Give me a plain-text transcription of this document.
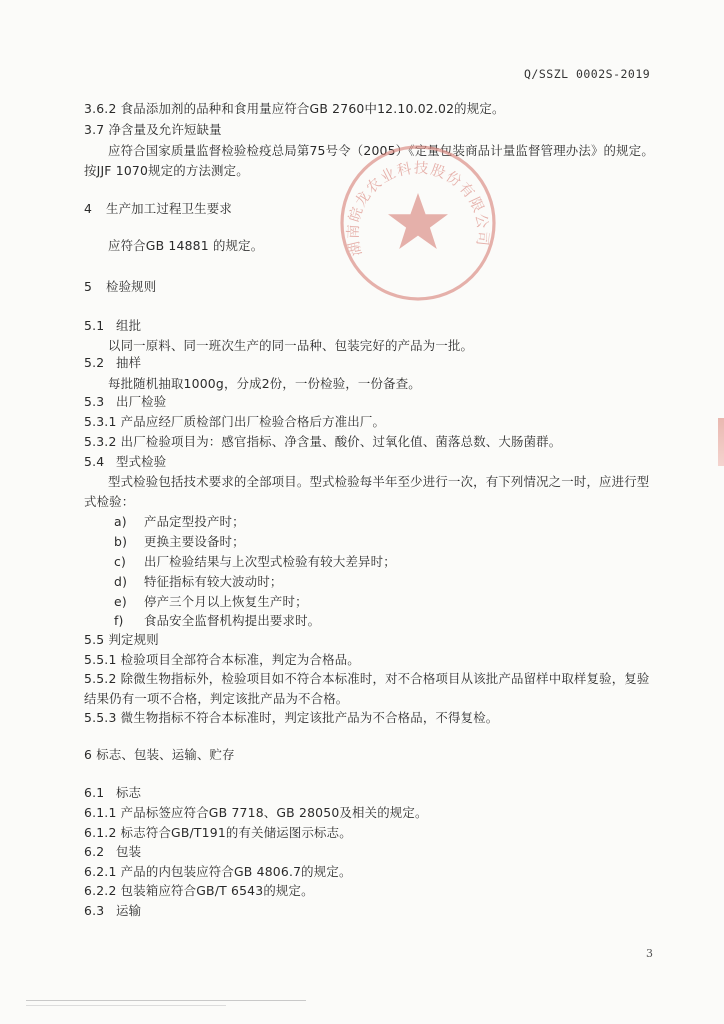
Q/SSZL 0002S-2019
3.6.2 食品添加剂的品种和食用量应符合GB 2760中12.10.02.02的规定。
3.7 净含量及允许短缺量
应符合国家质量监督检验检疫总局第75号令（2005）《定量包装商品计量监督管理办法》的规定。
按JJF 1070规定的方法测定。
4 生产加工过程卫生要求
应符合GB 14881 的规定。
5 检验规则
5.1 组批
以同一原料、同一班次生产的同一品种、包装完好的产品为一批。
5.2 抽样
每批随机抽取1000g，分成2份，一份检验，一份备查。
5.3 出厂检验
5.3.1 产品应经厂质检部门出厂检验合格后方准出厂。
5.3.2 出厂检验项目为：感官指标、净含量、酸价、过氧化值、菌落总数、大肠菌群。
5.4 型式检验
型式检验包括技术要求的全部项目。型式检验每半年至少进行一次，有下列情况之一时，应进行型
式检验：
a) 产品定型投产时；
b) 更换主要设备时；
c) 出厂检验结果与上次型式检验有较大差异时；
d) 特征指标有较大波动时；
e) 停产三个月以上恢复生产时；
f) 食品安全监督机构提出要求时。
5.5 判定规则
5.5.1 检验项目全部符合本标准，判定为合格品。
5.5.2 除微生物指标外，检验项目如不符合本标准时，对不合格项目从该批产品留样中取样复验，复验
结果仍有一项不合格，判定该批产品为不合格。
5.5.3 微生物指标不符合本标准时，判定该批产品为不合格品，不得复检。
6 标志、包装、运输、贮存
6.1 标志
6.1.1 产品标签应符合GB 7718、GB 28050及相关的规定。
6.1.2 标志符合GB/T191的有关储运图示标志。
6.2 包装
6.2.1 产品的内包装应符合GB 4806.7的规定。
6.2.2 包装箱应符合GB/T 6543的规定。
6.3 运输
湖南皖龙农业科技股份有限公司
3
